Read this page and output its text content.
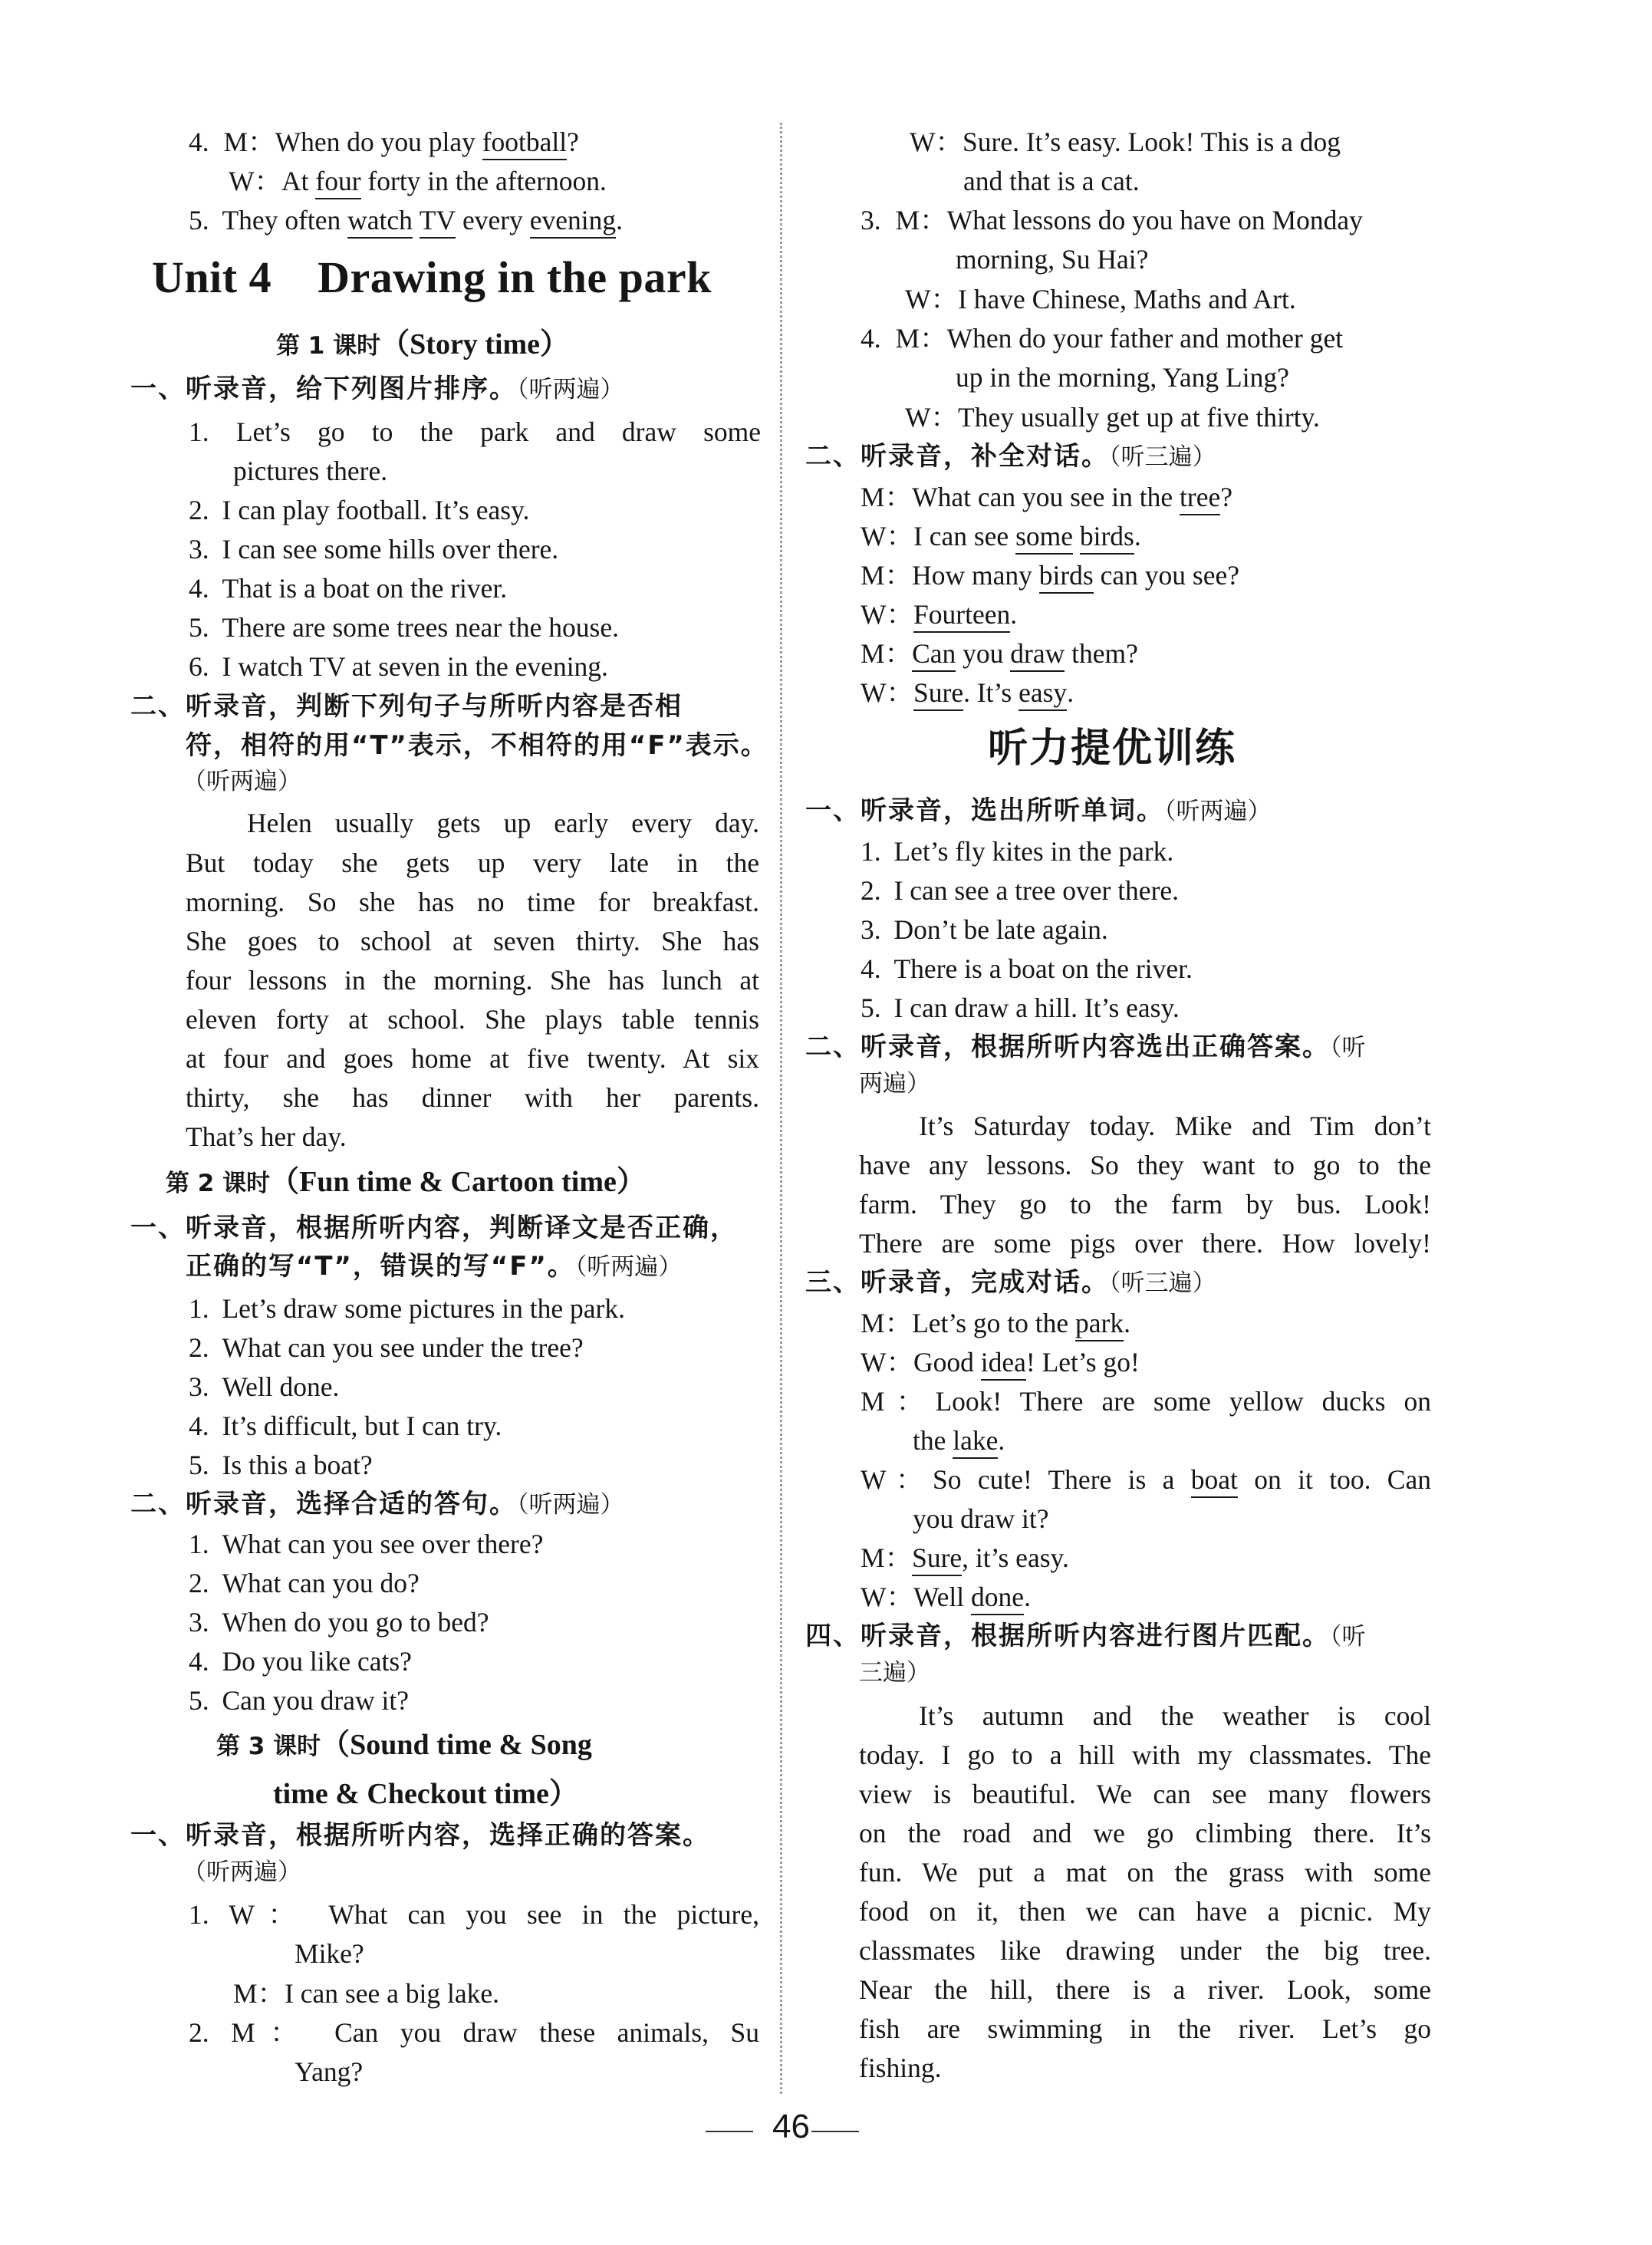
4. M：When do you play football?
W：At four forty in the afternoon.
5. They often watch TV every evening.
Unit 4    Drawing in the park
第 1 课时（Story time）
一、听录音，给下列图片排序。（听两遍）
1. Let’s go to the park and draw some
pictures there.
2. I can play football. It’s easy.
3. I can see some hills over there.
4. That is a boat on the river.
5. There are some trees near the house.
6. I watch TV at seven in the evening.
二、听录音，判断下列句子与所听内容是否相
符，相符的用“T”表示，不相符的用“F”表示。
（听两遍）
Helen usually gets up early every day.
But today she gets up very late in the
morning. So she has no time for breakfast.
She goes to school at seven thirty. She has
four lessons in the morning. She has lunch at
eleven forty at school. She plays table tennis
at four and goes home at five twenty. At six
thirty, she has dinner with her parents.
That’s her day.
第 2 课时（Fun time & Cartoon time）
一、听录音，根据所听内容，判断译文是否正确，
正确的写“T”，错误的写“F”。（听两遍）
1. Let’s draw some pictures in the park.
2. What can you see under the tree?
3. Well done.
4. It’s difficult, but I can try.
5. Is this a boat?
二、听录音，选择合适的答句。（听两遍）
1. What can you see over there?
2. What can you do?
3. When do you go to bed?
4. Do you like cats?
5. Can you draw it?
第 3 课时（Sound time & Song
time & Checkout time）
一、听录音，根据所听内容，选择正确的答案。
（听两遍）
1. W： What can you see in the picture,
Mike?
M：I can see a big lake.
2. M： Can you draw these animals, Su
Yang?
W：Sure. It’s easy. Look! This is a dog
and that is a cat.
3. M：What lessons do you have on Monday
morning, Su Hai?
W：I have Chinese, Maths and Art.
4. M：When do your father and mother get
up in the morning, Yang Ling?
W：They usually get up at five thirty.
二、听录音，补全对话。（听三遍）
M：What can you see in the tree?
W：I can see some birds.
M：How many birds can you see?
W：Fourteen.
M：Can you draw them?
W：Sure. It’s easy.
听力提优训练
一、听录音，选出所听单词。（听两遍）
1. Let’s fly kites in the park.
2. I can see a tree over there.
3. Don’t be late again.
4. There is a boat on the river.
5. I can draw a hill. It’s easy.
二、听录音，根据所听内容选出正确答案。（听
两遍）
It’s Saturday today. Mike and Tim don’t
have any lessons. So they want to go to the
farm. They go to the farm by bus. Look!
There are some pigs over there. How lovely!
三、听录音，完成对话。（听三遍）
M：Let’s go to the park.
W：Good idea! Let’s go!
M：Look! There are some yellow ducks on
the lake.
W：So cute! There is a boat on it too. Can
you draw it?
M：Sure, it’s easy.
W：Well done.
四、听录音，根据所听内容进行图片匹配。（听
三遍）
It’s autumn and the weather is cool
today. I go to a hill with my classmates. The
view is beautiful. We can see many flowers
on the road and we go climbing there. It’s
fun. We put a mat on the grass with some
food on it, then we can have a picnic. My
classmates like drawing under the big tree.
Near the hill, there is a river. Look, some
fish are swimming in the river. Let’s go
fishing.
46
